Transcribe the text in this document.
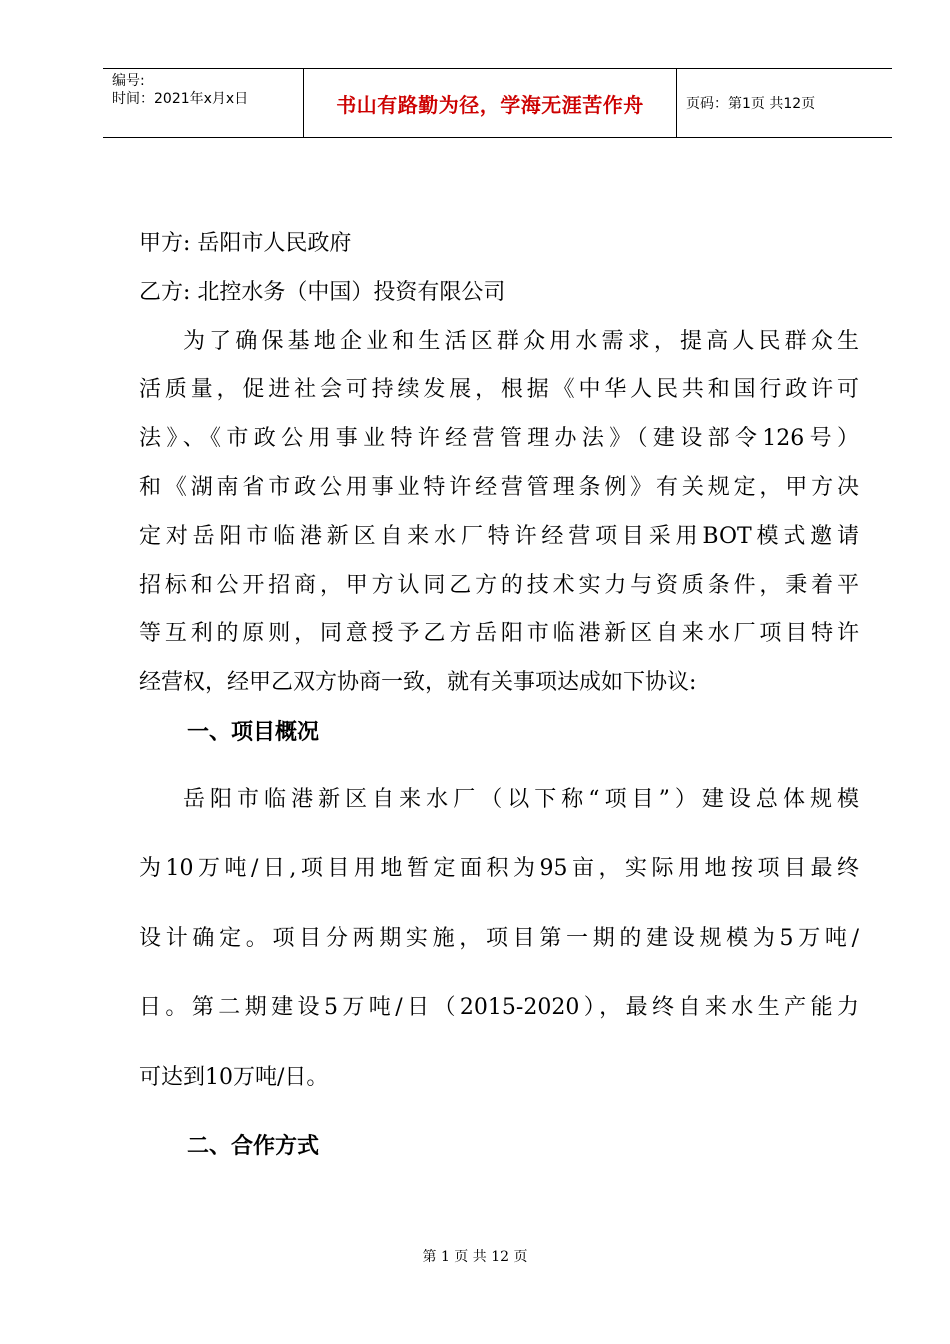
编号:
时间：2021年x月x日	书山有路勤为径，学海无涯苦作舟	页码：第1页 共12页
甲方: 岳阳市人民政府
乙方: 北控水务（中国）投资有限公司
为了确保基地企业和生活区群众用水需求，提高人民群众生
活质量，促进社会可持续发展，根据《中华人民共和国行政许可
法》、《市政公用事业特许经营管理办法》（建设部令126号）
和《湖南省市政公用事业特许经营管理条例》有关规定，甲方决
定对岳阳市临港新区自来水厂特许经营项目采用BOT模式邀请
招标和公开招商，甲方认同乙方的技术实力与资质条件，秉着平
等互利的原则，同意授予乙方岳阳市临港新区自来水厂项目特许
经营权，经甲乙双方协商一致，就有关事项达成如下协议:
一、项目概况
岳阳市临港新区自来水厂（以下称“项目”）建设总体规模
为10万吨/日,项目用地暂定面积为95亩，实际用地按项目最终
设计确定。项目分两期实施，项目第一期的建设规模为5万吨/
日。第二期建设5万吨/日（2015-2020），最终自来水生产能力
可达到10万吨/日。
二、合作方式
第 1 页 共 12 页
